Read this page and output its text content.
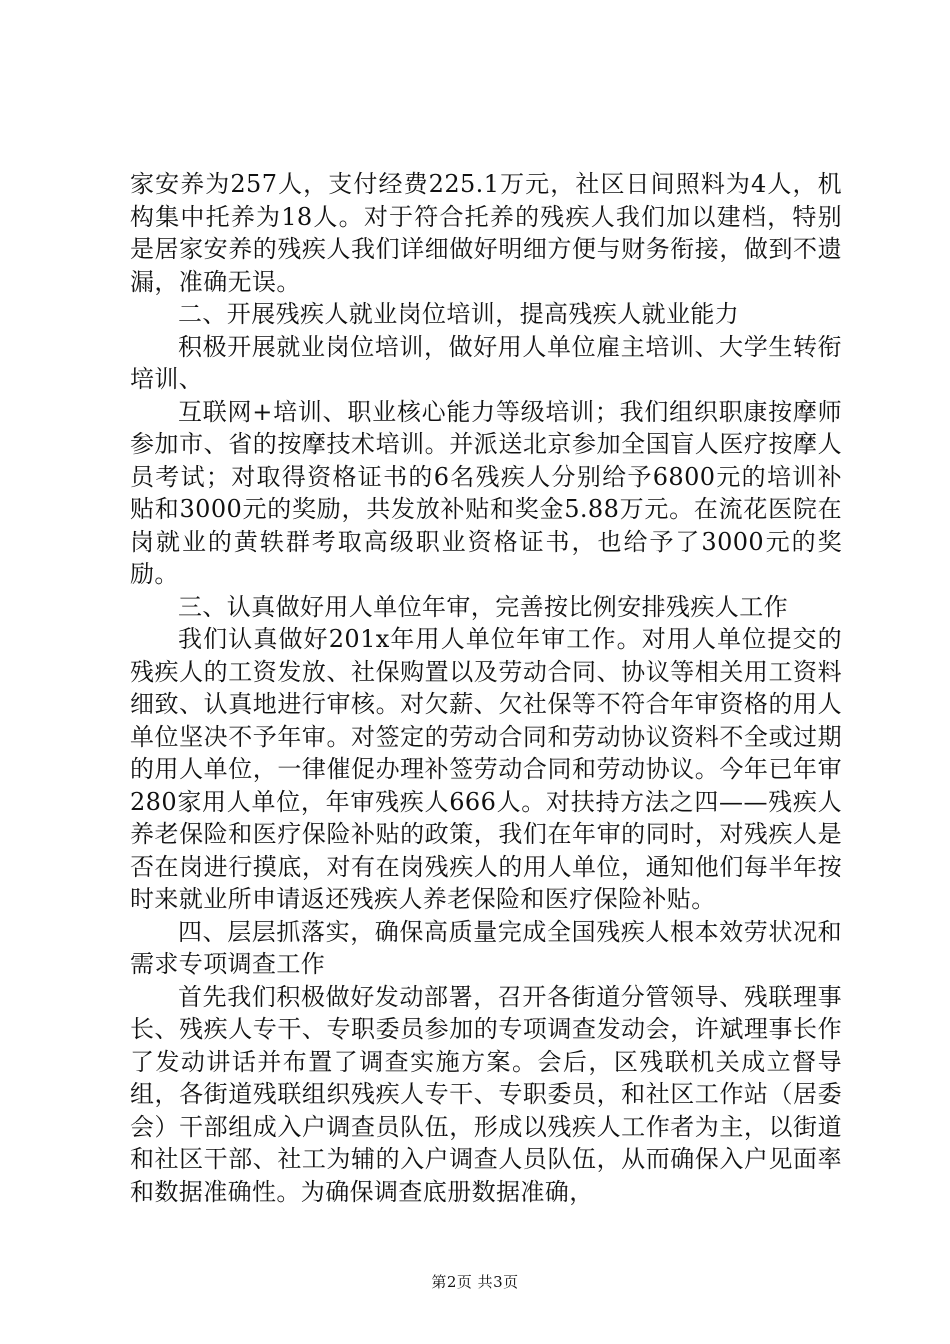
家安养为257人，支付经费225.1万元，社区日间照料为4人，机构集中托养为18人。对于符合托养的残疾人我们加以建档，特别是居家安养的残疾人我们详细做好明细方便与财务衔接，做到不遗漏，准确无误。

二、开展残疾人就业岗位培训，提高残疾人就业能力

积极开展就业岗位培训，做好用人单位雇主培训、大学生转衔培训、

互联网+培训、职业核心能力等级培训；我们组织职康按摩师参加市、省的按摩技术培训。并派送北京参加全国盲人医疗按摩人员考试；对取得资格证书的6名残疾人分别给予6800元的培训补贴和3000元的奖励，共发放补贴和奖金5.88万元。在流花医院在岗就业的黄轶群考取高级职业资格证书，也给予了3000元的奖励。

三、认真做好用人单位年审，完善按比例安排残疾人工作

我们认真做好201x年用人单位年审工作。对用人单位提交的残疾人的工资发放、社保购置以及劳动合同、协议等相关用工资料细致、认真地进行审核。对欠薪、欠社保等不符合年审资格的用人单位坚决不予年审。对签定的劳动合同和劳动协议资料不全或过期的用人单位，一律催促办理补签劳动合同和劳动协议。今年已年审280家用人单位，年审残疾人666人。对扶持方法之四——残疾人养老保险和医疗保险补贴的政策，我们在年审的同时，对残疾人是否在岗进行摸底，对有在岗残疾人的用人单位，通知他们每半年按时来就业所申请返还残疾人养老保险和医疗保险补贴。

四、层层抓落实，确保高质量完成全国残疾人根本效劳状况和需求专项调查工作

首先我们积极做好发动部署，召开各街道分管领导、残联理事长、残疾人专干、专职委员参加的专项调查发动会，许斌理事长作了发动讲话并布置了调查实施方案。会后，区残联机关成立督导组，各街道残联组织残疾人专干、专职委员，和社区工作站（居委会）干部组成入户调查员队伍，形成以残疾人工作者为主，以街道和社区干部、社工为辅的入户调查人员队伍，从而确保入户见面率和数据准确性。为确保调查底册数据准确，

第2页 共3页
